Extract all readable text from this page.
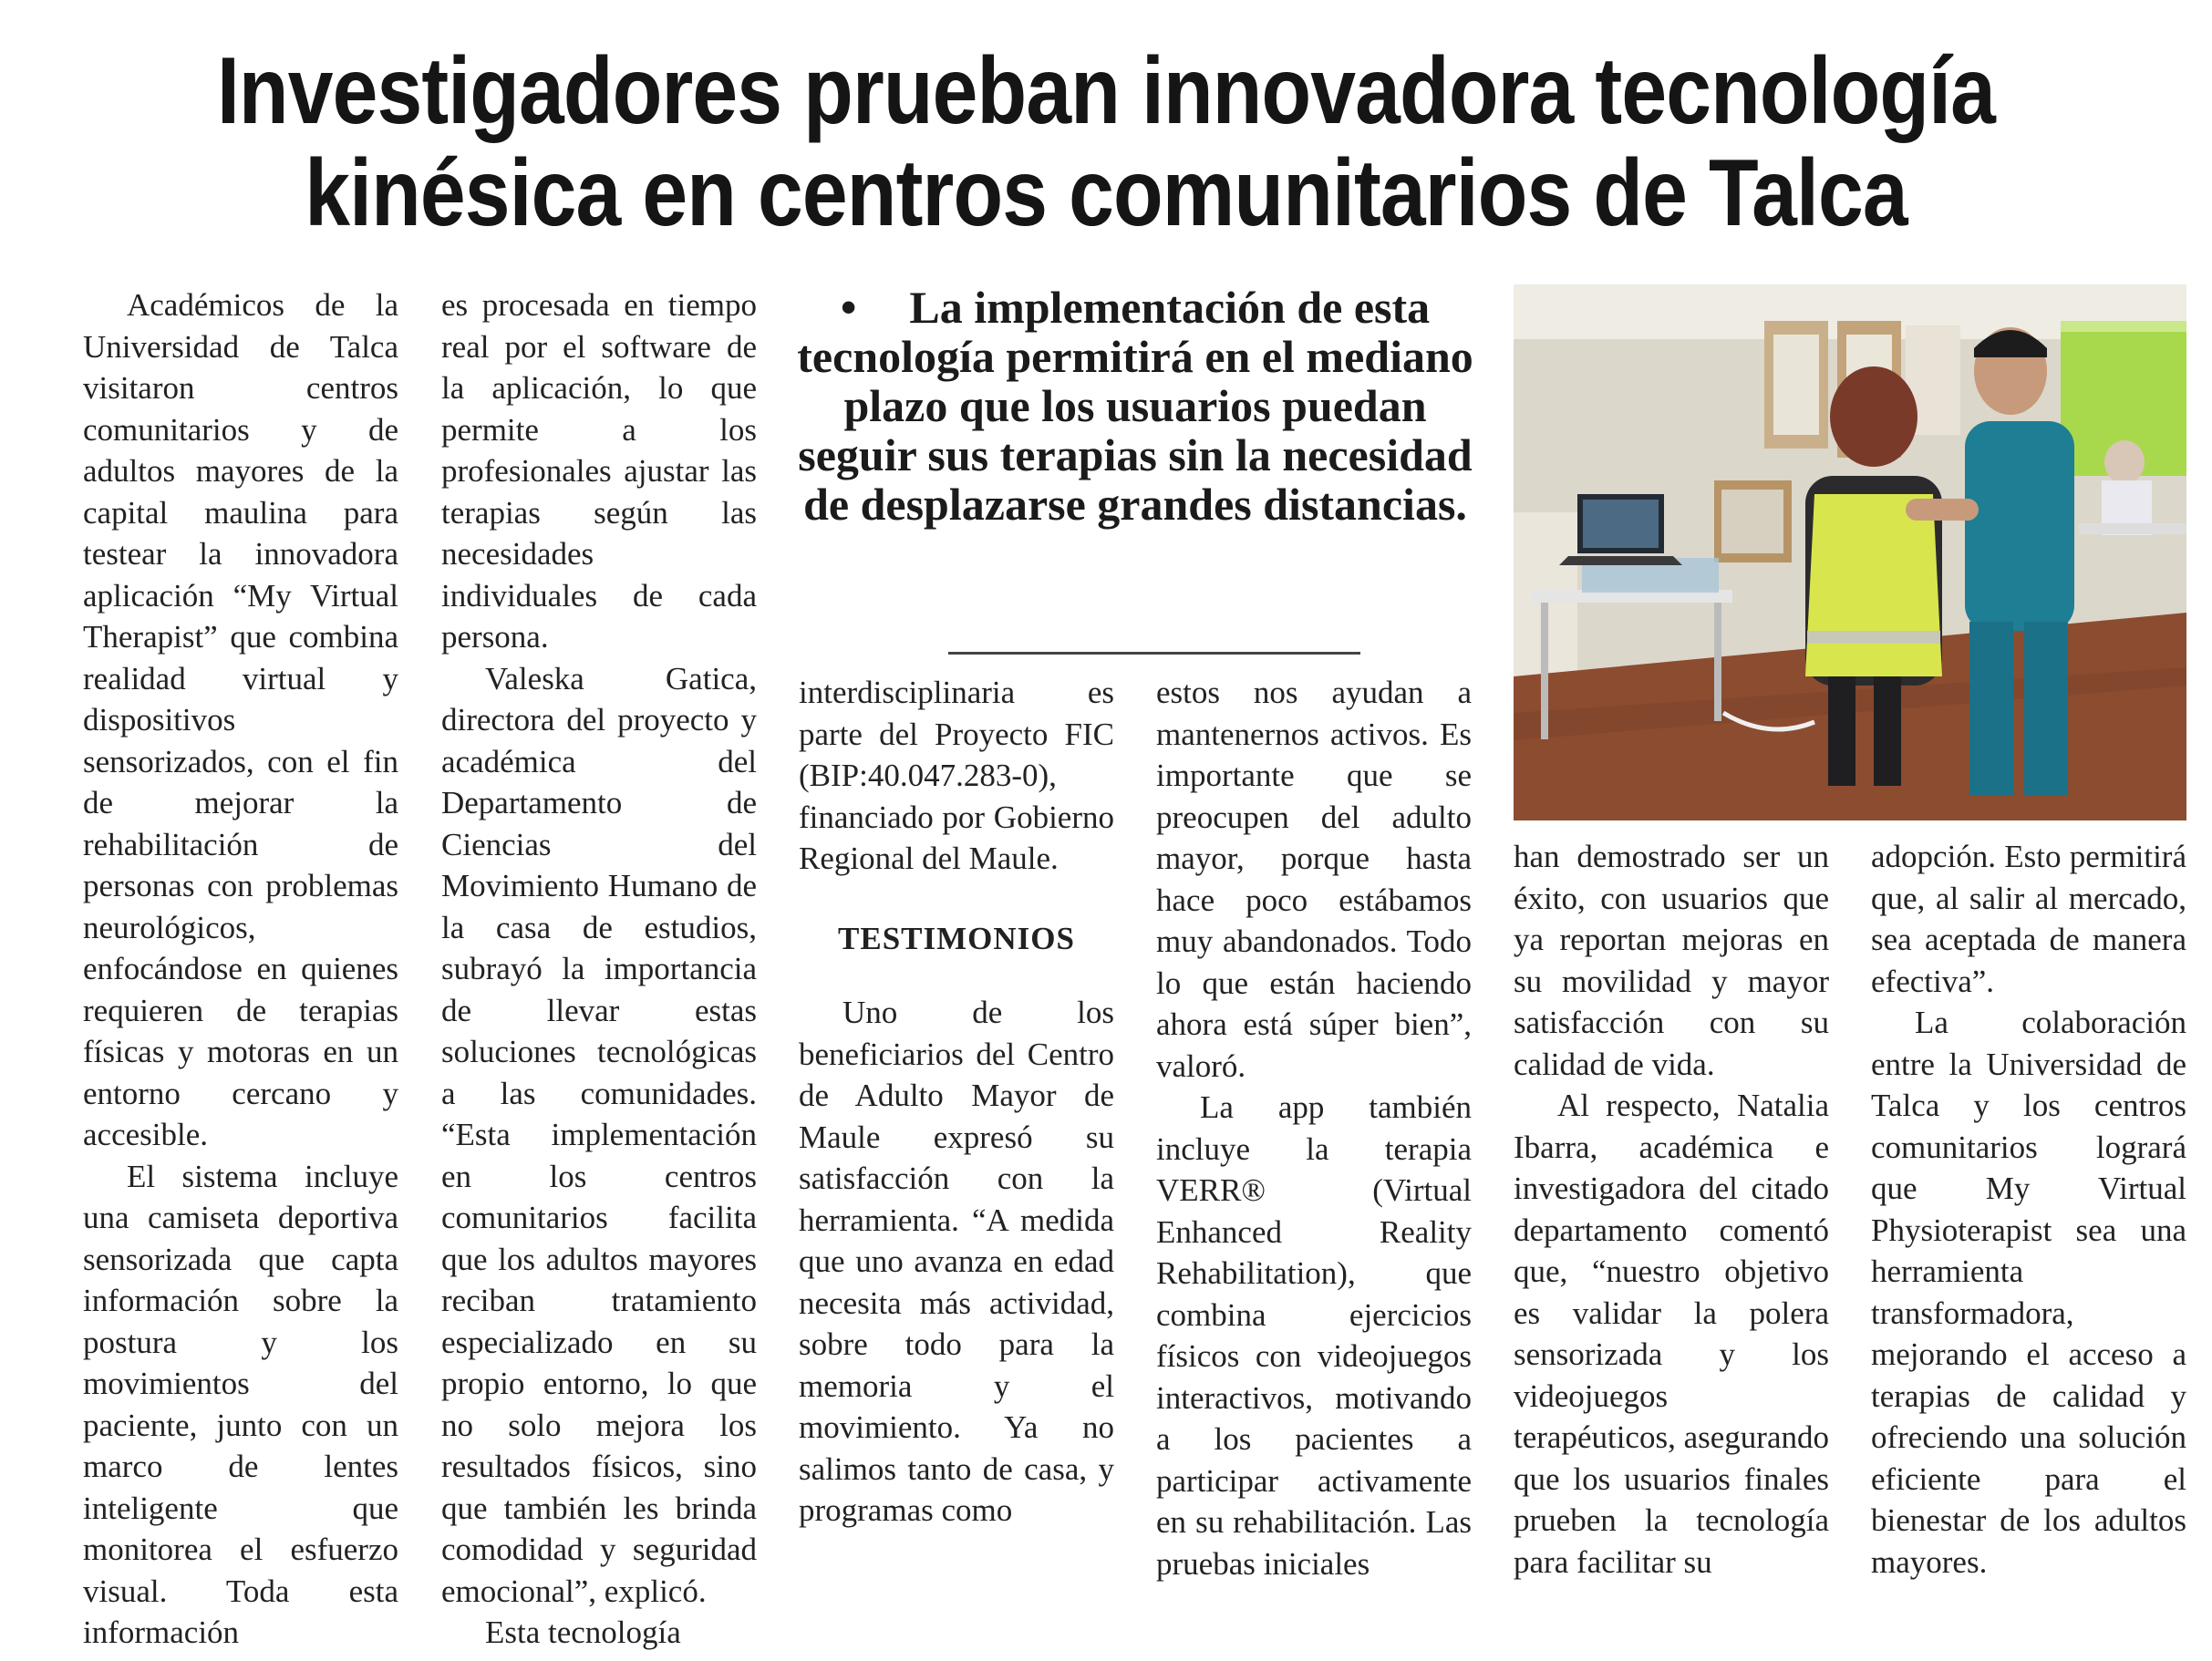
Investigadores prueban innovadora tecnología
kinésica en centros comunitarios de Talca

Académicos de la Universidad de Talca visitaron centros comunitarios y de adultos mayores de la capital maulina para testear la innovadora aplicación “My Virtual Therapist” que combina realidad virtual y dispositivos sensorizados, con el fin de mejorar la rehabilitación de personas con problemas neurológicos, enfocándose en quienes requieren de terapias físicas y motoras en un entorno cercano y accesible.

El sistema incluye una camiseta deportiva sensorizada que capta información sobre la postura y los movimientos del paciente, junto con un marco de lentes inteligente que monitorea el esfuerzo visual. Toda esta información

es procesada en tiempo real por el software de la aplicación, lo que permite a los profesionales ajustar las terapias según las necesidades individuales de cada persona.

Valeska Gatica, directora del proyecto y académica del Departamento de Ciencias del Movimiento Humano de la casa de estudios, subrayó la importancia de llevar estas soluciones tecnológicas a las comunidades. “Esta implementación en los centros comunitarios facilita que los adultos mayores reciban tratamiento especializado en su propio entorno, lo que no solo mejora los resultados físicos, sino que también les brinda comodidad y seguridad emocional”, explicó.

Esta tecnología

• La implementación de esta tecnología permitirá en el mediano plazo que los usuarios puedan seguir sus terapias sin la necesidad de desplazarse grandes distancias.

interdisciplinaria es parte del Proyecto FIC (BIP:40.047.283-0), financiado por Gobierno Regional del Maule.

TESTIMONIOS

Uno de los beneficiarios del Centro de Adulto Mayor de Maule expresó su satisfacción con la herramienta. “A medida que uno avanza en edad necesita más actividad, sobre todo para la memoria y el movimiento. Ya no salimos tanto de casa, y programas como

estos nos ayudan a mantenernos activos. Es importante que se preocupen del adulto mayor, porque hasta hace poco estábamos muy abandonados. Todo lo que están haciendo ahora está súper bien”, valoró.

La app también incluye la terapia VERR® (Virtual Enhanced Reality Rehabilitation), que combina ejercicios físicos con videojuegos interactivos, motivando a los pacientes a participar activamente en su rehabilitación. Las pruebas iniciales

han demostrado ser un éxito, con usuarios que ya reportan mejoras en su movilidad y mayor satisfacción con su calidad de vida.

Al respecto, Natalia Ibarra, académica e investigadora del citado departamento comentó que, “nuestro objetivo es validar la polera sensorizada y los videojuegos terapéuticos, asegurando que los usuarios finales prueben la tecnología para facilitar su

adopción. Esto permitirá que, al salir al mercado, sea aceptada de manera efectiva”.

La colaboración entre la Universidad de Talca y los centros comunitarios logrará que My Virtual Physioterapist sea una herramienta transformadora, mejorando el acceso a terapias de calidad y ofreciendo una solución eficiente para el bienestar de los adultos mayores.
